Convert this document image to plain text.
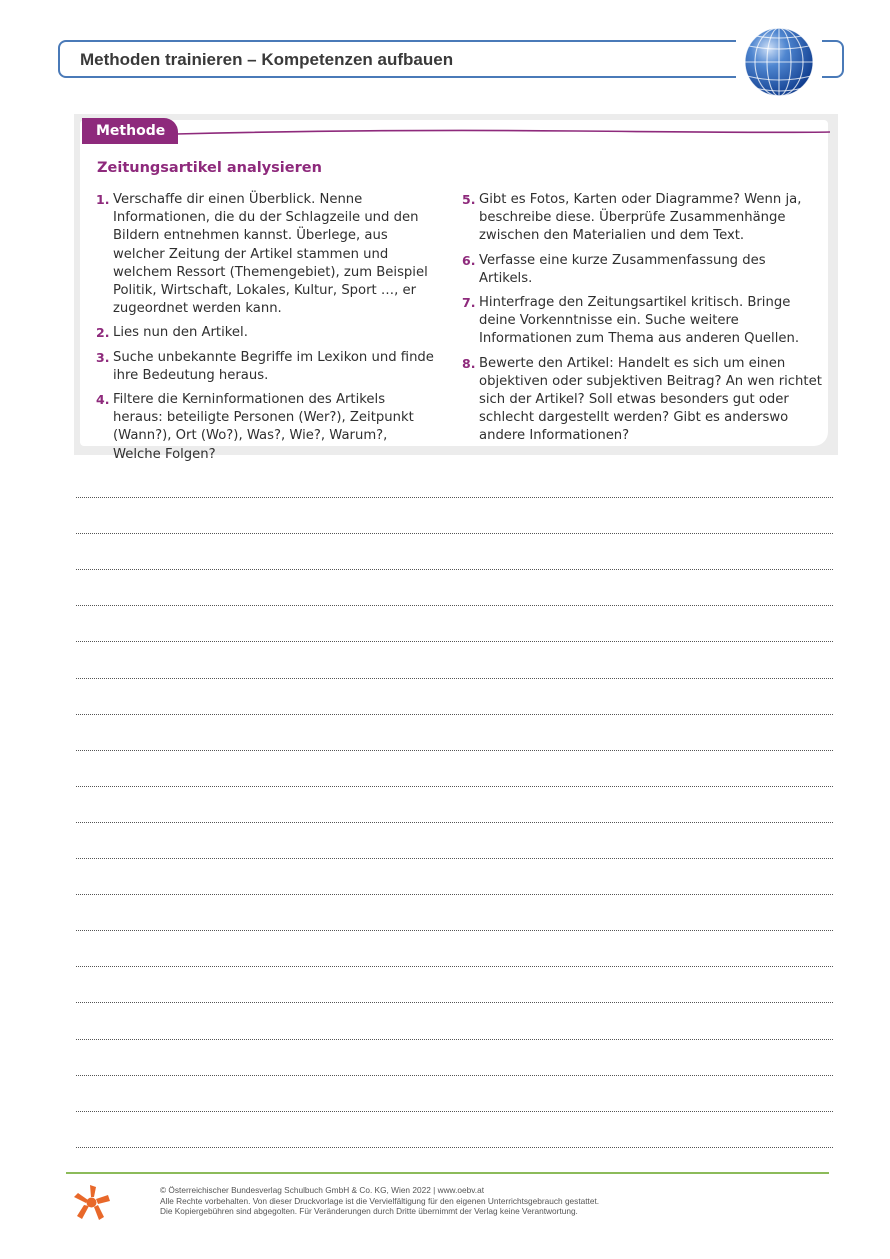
Methoden trainieren – Kompetenzen aufbauen
Methode
Zeitungsartikel analysieren
1. Verschaffe dir einen Überblick. Nenne Informationen, die du der Schlagzeile und den Bildern entnehmen kannst. Überlege, aus welcher Zeitung der Artikel stammen und welchem Ressort (Themengebiet), zum Beispiel Politik, Wirtschaft, Lokales, Kultur, Sport …, er zugeordnet werden kann.
2. Lies nun den Artikel.
3. Suche unbekannte Begriffe im Lexikon und finde ihre Bedeutung heraus.
4. Filtere die Kerninformationen des Artikels heraus: beteiligte Personen (Wer?), Zeitpunkt (Wann?), Ort (Wo?), Was?, Wie?, Warum?, Welche Folgen?
5. Gibt es Fotos, Karten oder Diagramme? Wenn ja, beschreibe diese. Überprüfe Zusammenhänge zwischen den Materialien und dem Text.
6. Verfasse eine kurze Zusammenfassung des Artikels.
7. Hinterfrage den Zeitungsartikel kritisch. Bringe deine Vorkenntnisse ein. Suche weitere Informationen zum Thema aus anderen Quellen.
8. Bewerte den Artikel: Handelt es sich um einen objektiven oder subjektiven Beitrag? An wen richtet sich der Artikel? Soll etwas besonders gut oder schlecht dargestellt werden? Gibt es anderswo andere Informationen?
© Österreichischer Bundesverlag Schulbuch GmbH & Co. KG, Wien 2022 | www.oebv.at
Alle Rechte vorbehalten. Von dieser Druckvorlage ist die Vervielfältigung für den eigenen Unterrichtsgebrauch gestattet.
Die Kopiergebühren sind abgegolten. Für Veränderungen durch Dritte übernimmt der Verlag keine Verantwortung.
